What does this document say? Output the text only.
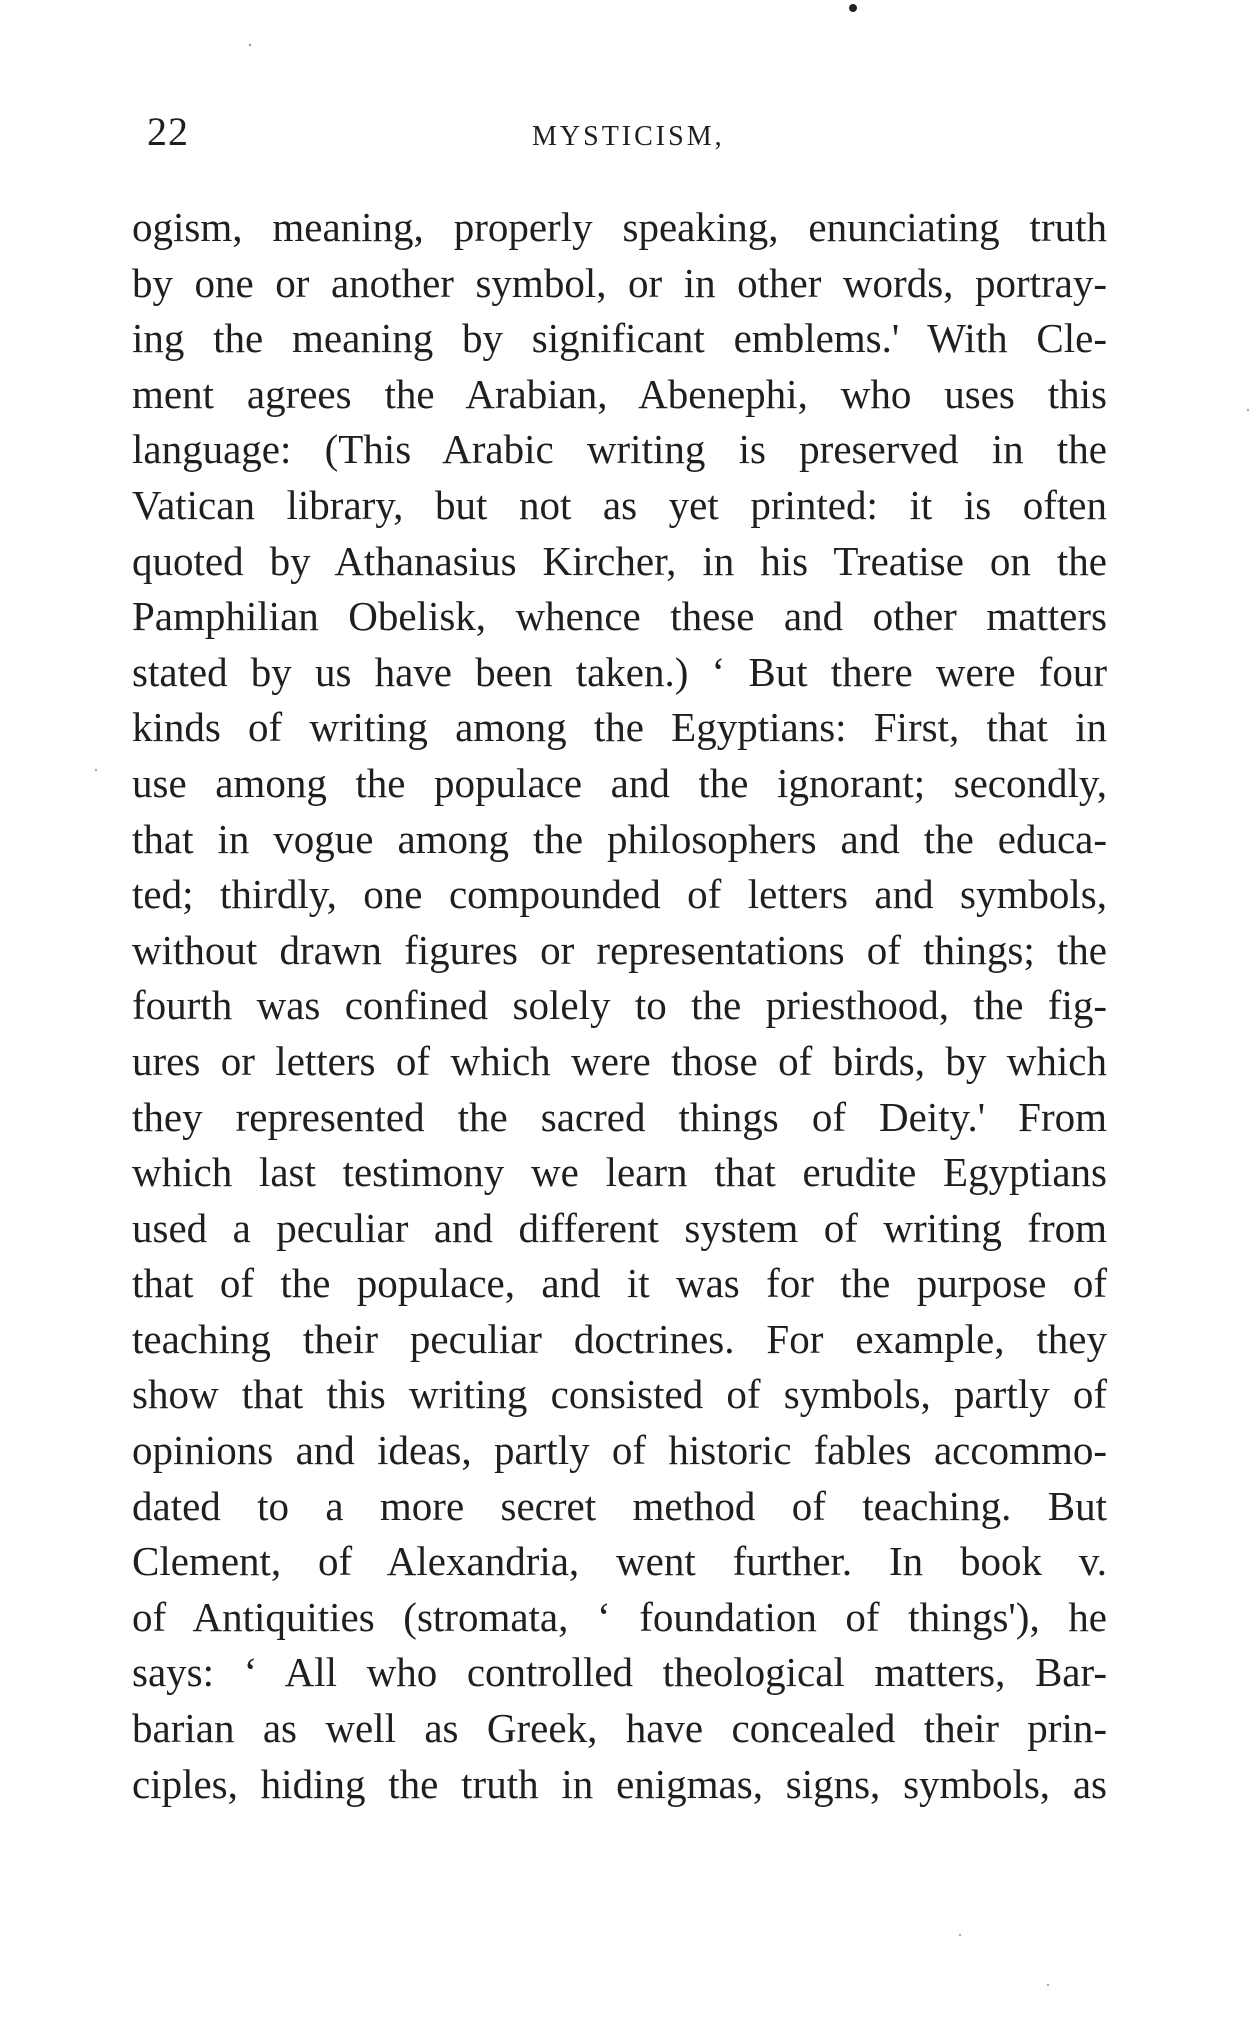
22	MYSTICISM,
ogism, meaning, properly speaking, enunciating truth
by one or another symbol, or in other words, portray-
ing the meaning by significant emblems.' With Cle-
ment agrees the Arabian, Abenephi, who uses this
language: (This Arabic writing is preserved in the
Vatican library, but not as yet printed: it is often
quoted by Athanasius Kircher, in his Treatise on the
Pamphilian Obelisk, whence these and other matters
stated by us have been taken.) ‘ But there were four
kinds of writing among the Egyptians: First, that in
use among the populace and the ignorant; secondly,
that in vogue among the philosophers and the educa-
ted; thirdly, one compounded of letters and symbols,
without drawn figures or representations of things; the
fourth was confined solely to the priesthood, the fig-
ures or letters of which were those of birds, by which
they represented the sacred things of Deity.' From
which last testimony we learn that erudite Egyptians
used a peculiar and different system of writing from
that of the populace, and it was for the purpose of
teaching their peculiar doctrines. For example, they
show that this writing consisted of symbols, partly of
opinions and ideas, partly of historic fables accommo-
dated to a more secret method of teaching. But
Clement, of Alexandria, went further. In book v.
of Antiquities (stromata, ‘ foundation of things'), he
says: ‘ All who controlled theological matters, Bar-
barian as well as Greek, have concealed their prin-
ciples, hiding the truth in enigmas, signs, symbols, as
